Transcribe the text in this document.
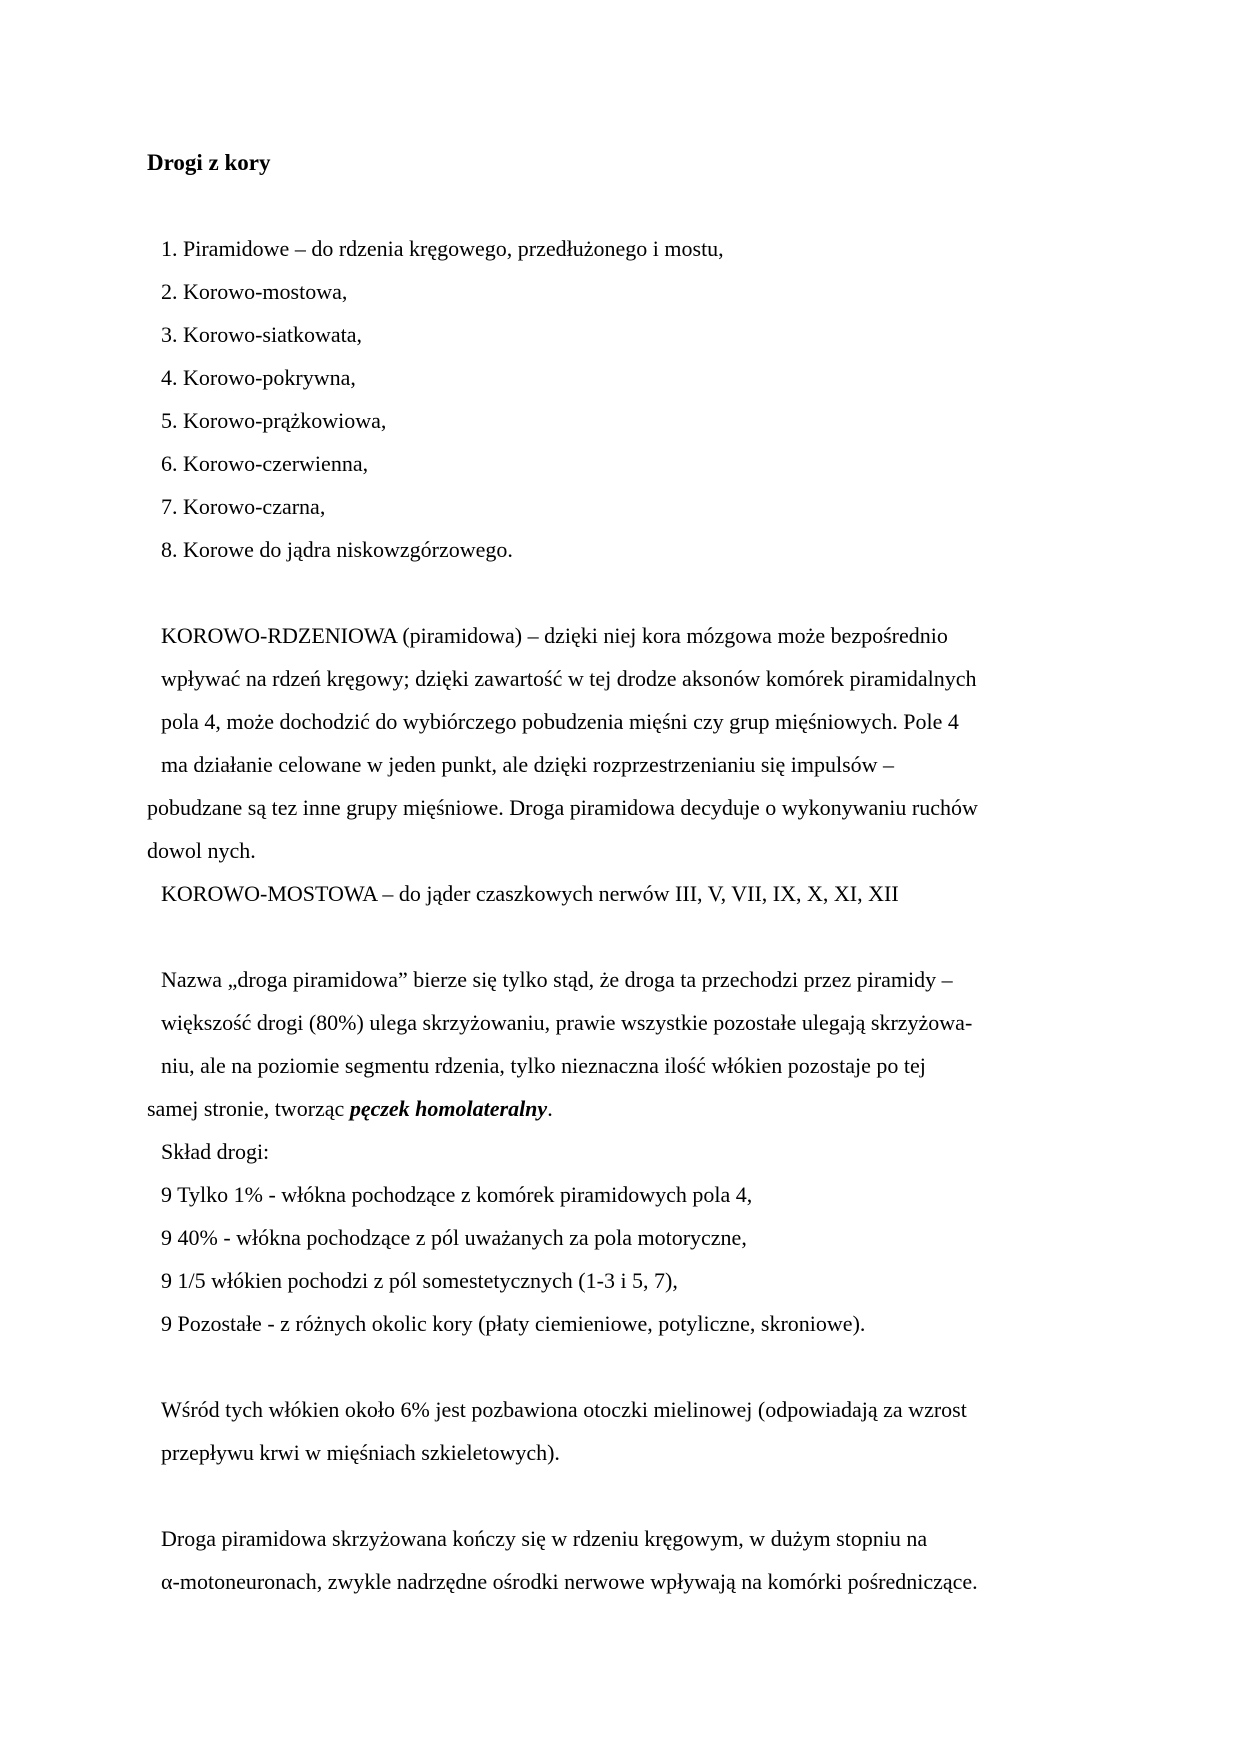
Drogi z kory
1. Piramidowe – do rdzenia kręgowego, przedłużonego i mostu,
2. Korowo-mostowa,
3. Korowo-siatkowata,
4. Korowo-pokrywna,
5. Korowo-prążkowiowa,
6. Korowo-czerwienna,
7. Korowo-czarna,
8. Korowe do jądra niskowzgórzowego.
KOROWO-RDZENIOWA (piramidowa) – dzięki niej kora mózgowa może bezpośrednio
wpływać na rdzeń kręgowy; dzięki zawartość w tej drodze aksonów komórek piramidalnych
pola 4, może dochodzić do wybiórczego pobudzenia mięśni czy grup mięśniowych. Pole 4
ma działanie celowane w jeden punkt, ale dzięki rozprzestrzenianiu się impulsów –
pobudzane są tez inne grupy mięśniowe. Droga piramidowa decyduje o wykonywaniu ruchów
dowol nych.
KOROWO-MOSTOWA – do jąder czaszkowych nerwów III, V, VII, IX, X, XI, XII
Nazwa „droga piramidowa” bierze się tylko stąd, że droga ta przechodzi przez piramidy –
większość drogi (80%) ulega skrzyżowaniu, prawie wszystkie pozostałe ulegają skrzyżowa-
niu, ale na poziomie segmentu rdzenia, tylko nieznaczna ilość włókien pozostaje po tej
samej stronie, tworząc pęczek homolateralny.
Skład drogi:
9 Tylko 1% - włókna pochodzące z komórek piramidowych pola 4,
9 40% - włókna pochodzące z pól uważanych za pola motoryczne,
9 1/5 włókien pochodzi z pól somestetycznych (1-3 i 5, 7),
9 Pozostałe - z różnych okolic kory (płaty ciemieniowe, potyliczne, skroniowe).
Wśród tych włókien około 6% jest pozbawiona otoczki mielinowej (odpowiadają za wzrost
przepływu krwi w mięśniach szkieletowych).
Droga piramidowa skrzyżowana kończy się w rdzeniu kręgowym, w dużym stopniu na
α-motoneuronach, zwykle nadrzędne ośrodki nerwowe wpływają na komórki pośredniczące.
